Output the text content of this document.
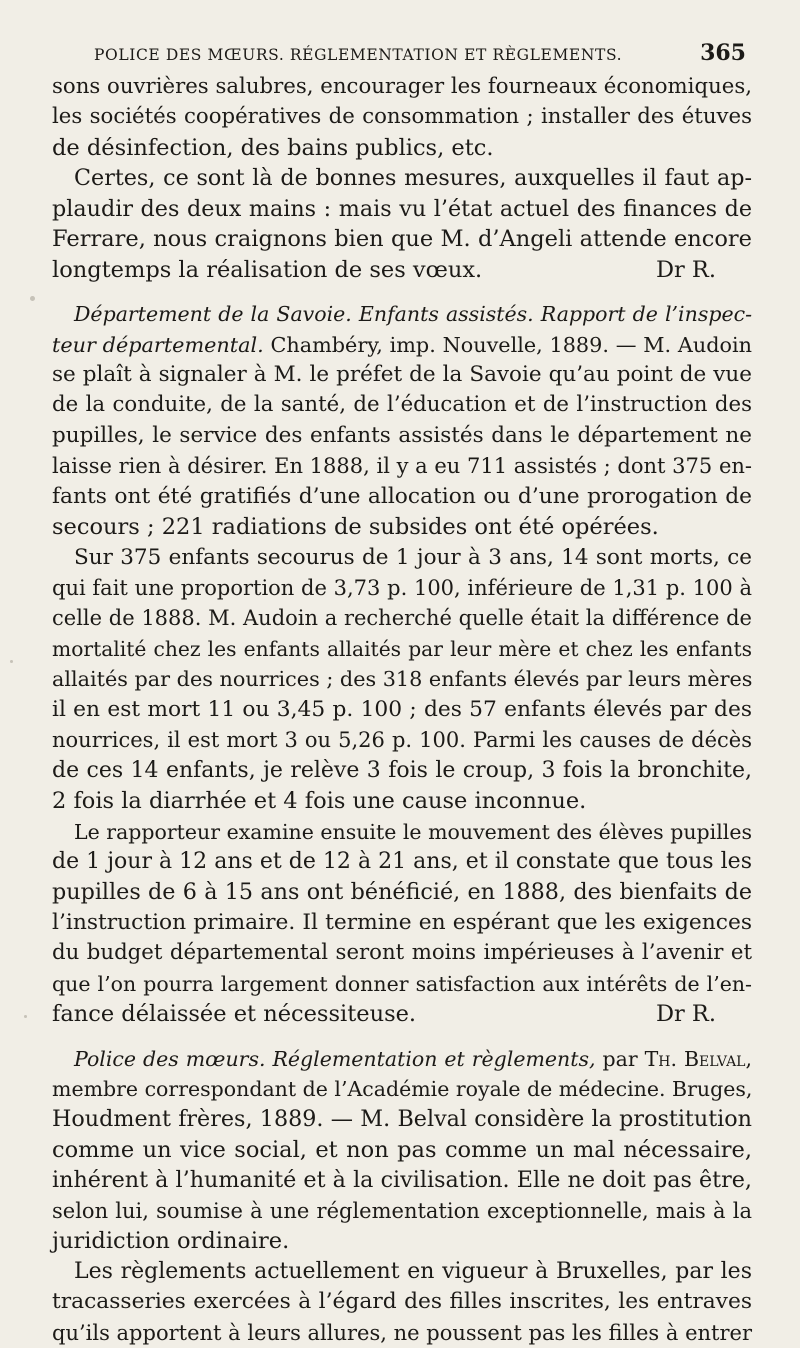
POLICE DES MŒURS. RÉGLEMENTATION ET RÈGLEMENTS.	365
sons ouvrières salubres, encourager les fourneaux économiques,
les sociétés coopératives de consommation ; installer des étuves
de désinfection, des bains publics, etc.
Certes, ce sont là de bonnes mesures, auxquelles il faut ap-
plaudir des deux mains : mais vu l’état actuel des finances de
Ferrare, nous craignons bien que M. d’Angeli attende encore
longtemps la réalisation de ses vœux.	Dr R.
Département de la Savoie. Enfants assistés. Rapport de l’inspec-
teur départemental. Chambéry, imp. Nouvelle, 1889. — M. Audoin
se plaît à signaler à M. le préfet de la Savoie qu’au point de vue
de la conduite, de la santé, de l’éducation et de l’instruction des
pupilles, le service des enfants assistés dans le département ne
laisse rien à désirer. En 1888, il y a eu 711 assistés ; dont 375 en-
fants ont été gratifiés d’une allocation ou d’une prorogation de
secours ; 221 radiations de subsides ont été opérées.
Sur 375 enfants secourus de 1 jour à 3 ans, 14 sont morts, ce
qui fait une proportion de 3,73 p. 100, inférieure de 1,31 p. 100 à
celle de 1888. M. Audoin a recherché quelle était la différence de
mortalité chez les enfants allaités par leur mère et chez les enfants
allaités par des nourrices ; des 318 enfants élevés par leurs mères
il en est mort 11 ou 3,45 p. 100 ; des 57 enfants élevés par des
nourrices, il est mort 3 ou 5,26 p. 100. Parmi les causes de décès
de ces 14 enfants, je relève 3 fois le croup, 3 fois la bronchite,
2 fois la diarrhée et 4 fois une cause inconnue.
Le rapporteur examine ensuite le mouvement des élèves pupilles
de 1 jour à 12 ans et de 12 à 21 ans, et il constate que tous les
pupilles de 6 à 15 ans ont bénéficié, en 1888, des bienfaits de
l’instruction primaire. Il termine en espérant que les exigences
du budget départemental seront moins impérieuses à l’avenir et
que l’on pourra largement donner satisfaction aux intérêts de l’en-
fance délaissée et nécessiteuse.	Dr R.
Police des mœurs. Réglementation et règlements, par Th. Belval,
membre correspondant de l’Académie royale de médecine. Bruges,
Houdment frères, 1889. — M. Belval considère la prostitution
comme un vice social, et non pas comme un mal nécessaire,
inhérent à l’humanité et à la civilisation. Elle ne doit pas être,
selon lui, soumise à une réglementation exceptionnelle, mais à la
juridiction ordinaire.
Les règlements actuellement en vigueur à Bruxelles, par les
tracasseries exercées à l’égard des filles inscrites, les entraves
qu’ils apportent à leurs allures, ne poussent pas les filles à entrer
